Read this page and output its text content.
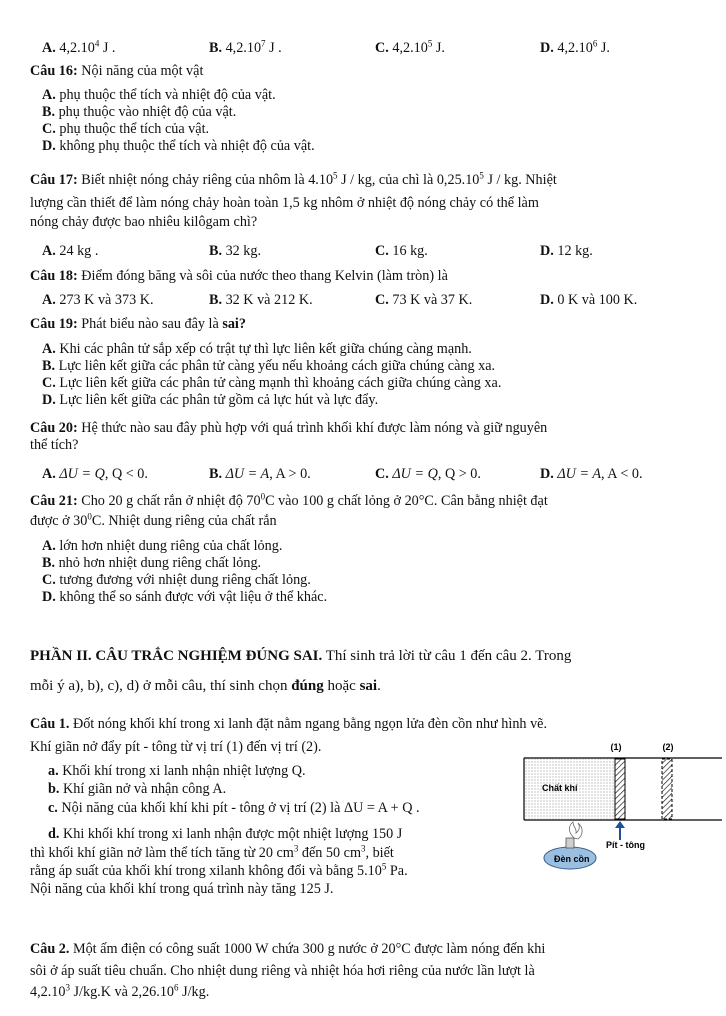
A. 4,2.10$^4$ J .	B. 4,2.10$^7$ J .	C. 4,2.10$^5$ J.	D. 4,2.10$^6$ J.
Câu 16: Nội năng của một vật
A. phụ thuộc thể tích và nhiệt độ của vật.
B. phụ thuộc vào nhiệt độ của vật.
C. phụ thuộc thể tích của vật.
D. không phụ thuộc thể tích và nhiệt độ của vật.
Câu 17: Biết nhiệt nóng chảy riêng của nhôm là 4.10$^5$ J / kg, của chì là 0,25.10$^5$ J / kg. Nhiệt
lượng cần thiết để làm nóng chảy hoàn toàn 1,5 kg nhôm ở nhiệt độ nóng chảy có thể làm
nóng chảy được bao nhiêu kilôgam chì?
A. 24 kg .	B. 32 kg.	C. 16 kg.	D. 12 kg.
Câu 18: Điểm đóng băng và sôi của nước theo thang Kelvin (làm tròn) là
A. 273 K và 373 K.	B. 32 K và 212 K.	C. 73 K và 37 K.	D. 0 K và 100 K.
Câu 19: Phát biểu nào sau đây là sai?
A. Khi các phân tử sắp xếp có trật tự thì lực liên kết giữa chúng càng mạnh.
B. Lực liên kết giữa các phân tử càng yếu nếu khoảng cách giữa chúng càng xa.
C. Lực liên kết giữa các phân tử càng mạnh thì khoảng cách giữa chúng càng xa.
D. Lực liên kết giữa các phân tử gồm cả lực hút và lực đẩy.
Câu 20: Hệ thức nào sau đây phù hợp với quá trình khối khí được làm nóng và giữ nguyên
thể tích?
A. ΔU = Q, Q < 0.	B. ΔU = A, A > 0.	C. ΔU = Q, Q > 0.	D. ΔU = A, A < 0.
Câu 21: Cho 20 g chất rắn ở nhiệt độ $70^0C$ vào 100 g chất lỏng ở 20°C. Cân bằng nhiệt đạt
được ở $30^0C$. Nhiệt dung riêng của chất rắn
A. lớn hơn nhiệt dung riêng của chất lỏng.
B. nhỏ hơn nhiệt dung riêng chất lỏng.
C. tương đương với nhiệt dung riêng chất lỏng.
D. không thể so sánh được với vật liệu ở thể khác.
PHẦN II. CÂU TRẮC NGHIỆM ĐÚNG SAI. Thí sinh trả lời từ câu 1 đến câu 2. Trong
mỗi ý a), b), c), d) ở mỗi câu, thí sinh chọn đúng hoặc sai.
Câu 1. Đốt nóng khối khí trong xi lanh đặt nằm ngang bằng ngọn lửa đèn cồn như hình vẽ.
Khí giãn nở đẩy pít - tông từ vị trí (1) đến vị trí (2).
a. Khối khí trong xi lanh nhận nhiệt lượng Q.
b. Khí giãn nở và nhận công A.
c. Nội năng của khối khí khi pít - tông ở vị trí (2) là ΔU = A + Q .
d. Khi khối khí trong xi lanh nhận được một nhiệt lượng 150 J
thì khối khí giãn nở làm thể tích tăng từ 20 $cm^3$ đến 50 $cm^3$, biết
rằng áp suất của khối khí trong xilanh không đổi và bằng 5.10$^5$ Pa.
Nội năng của khối khí trong quá trình này tăng 125 J.
(1)	(2)
Chất khí
Pít - tông
Đèn cồn
Câu 2. Một ấm điện có công suất 1000 W chứa 300 g nước ở 20°C được làm nóng đến khi
sôi ở áp suất tiêu chuẩn. Cho nhiệt dung riêng và nhiệt hóa hơi riêng của nước lần lượt là
4,2.10$^3$ J/kg.K và 2,26.10$^6$ J/kg.
